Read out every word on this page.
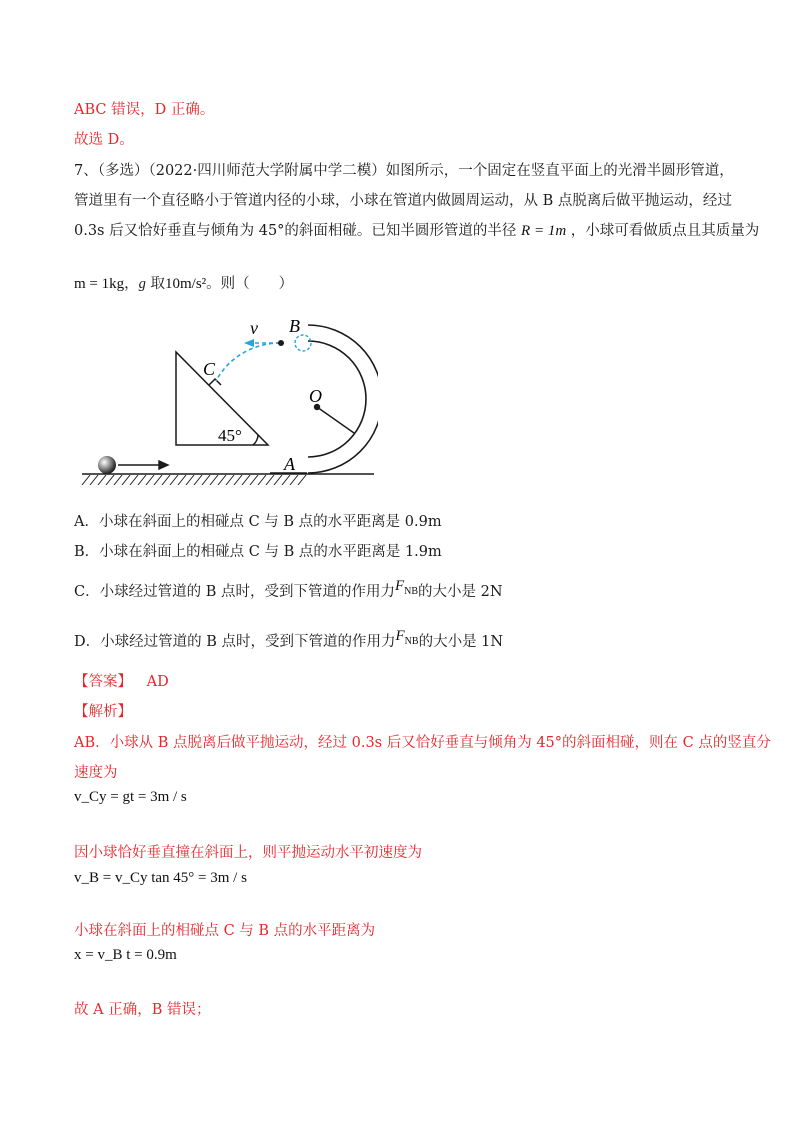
ABC 错误，D 正确。
故选 D。
7、（多选）（2022·四川师范大学附属中学二模）如图所示，一个固定在竖直平面上的光滑半圆形管道，
管道里有一个直径略小于管道内径的小球，小球在管道内做圆周运动，从 B 点脱离后做平抛运动，经过
0.3s 后又恰好垂直与倾角为 45°的斜面相碰。已知半圆形管道的半径 R = 1m ，小球可看做质点且其质量为
m = 1kg，g 取10m/s²。则（　　）
B
v
C
O
45°
A
A．小球在斜面上的相碰点 C 与 B 点的水平距离是 0.9m
B．小球在斜面上的相碰点 C 与 B 点的水平距离是 1.9m
C．小球经过管道的 B 点时，受到下管道的作用力$F_{NB}$的大小是 2N
D．小球经过管道的 B 点时，受到下管道的作用力$F_{NB}$的大小是 1N
【答案】 AD
【解析】
AB．小球从 B 点脱离后做平抛运动，经过 0.3s 后又恰好垂直与倾角为 45°的斜面相碰，则在 C 点的竖直分
速度为
v_Cy = gt = 3m / s
因小球恰好垂直撞在斜面上，则平抛运动水平初速度为
v_B = v_Cy tan 45° = 3m / s
小球在斜面上的相碰点 C 与 B 点的水平距离为
x = v_B t = 0.9m
故 A 正确，B 错误；
